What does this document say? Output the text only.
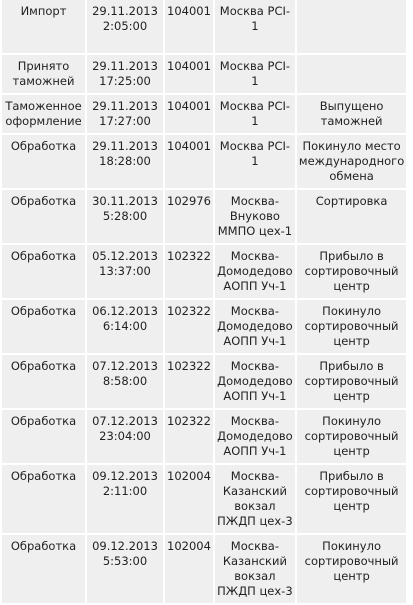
Импорт	29.11.2013
2:05:00	104001	Москва PCI-
1	

Принято
таможней	29.11.2013
17:25:00	104001	Москва PCI-
1	

Таможенное
оформление	29.11.2013
17:27:00	104001	Москва PCI-
1	Выпущено
таможней

Обработка	29.11.2013
18:28:00	104001	Москва PCI-
1	Покинуло место
международного
обмена

Обработка	30.11.2013
5:28:00	102976	Москва-
Внуково
ММПО цех-1	Сортировка

Обработка	05.12.2013
13:37:00	102322	Москва-
Домодедово
АОПП Уч-1	Прибыло в
сортировочный
центр

Обработка	06.12.2013
6:14:00	102322	Москва-
Домодедово
АОПП Уч-1	Покинуло
сортировочный
центр

Обработка	07.12.2013
8:58:00	102322	Москва-
Домодедово
АОПП Уч-1	Прибыло в
сортировочный
центр

Обработка	07.12.2013
23:04:00	102322	Москва-
Домодедово
АОПП Уч-1	Покинуло
сортировочный
центр

Обработка	09.12.2013
2:11:00	102004	Москва-
Казанский
вокзал
ПЖДП цех-3	Прибыло в
сортировочный
центр

Обработка	09.12.2013
5:53:00	102004	Москва-
Казанский
вокзал
ПЖДП цех-3	Покинуло
сортировочный
центр
